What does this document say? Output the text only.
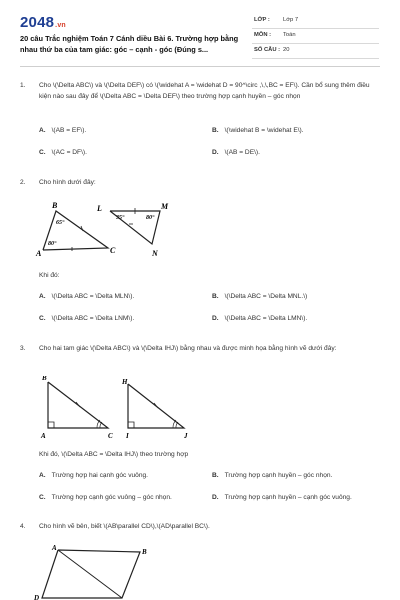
2048.vn
20 câu Trắc nghiệm Toán 7 Cánh diều Bài 6. Trường hợp bằng nhau thứ ba của tam giác: góc – cạnh - góc (Đúng s...
LỚP : Lớp 7
MÔN : Toán
SỐ CÂU : 20
1. Cho \(\Delta ABC\) và \(\Delta DEF\) có \(\widehat A = \widehat D = 90^\circ ,\,\,BC = EF\). Cần bổ sung thêm điều kiện nào sau đây để \(\Delta ABC = \Delta DEF\) theo trường hợp cạnh huyền – góc nhọn
A. \(AB = EF\).	B. \(\widehat B = \widehat E\).
C. \(AC = DF\).	D. \(AB = DE\).
2. Cho hình dưới đây:
B
A	C
65°
80°
L	M
N
35°	80°
Khi đó:
A. \(\Delta ABC = \Delta MLN\).	B. \(\Delta ABC = \Delta MNL.\)
C. \(\Delta ABC = \Delta LNM\).	D. \(\Delta ABC = \Delta LMN\).
3. Cho hai tam giác \(\Delta ABC\) và \(\Delta IHJ\) bằng nhau và được minh họa bằng hình vẽ dưới đây:
B
A	C
H
I	J
Khi đó, \(\Delta ABC = \Delta IHJ\) theo trường hợp
A. Trường hợp hai cạnh góc vuông.	B. Trường hợp cạnh huyền – góc nhọn.
C. Trường hợp cạnh góc vuông – góc nhọn.	D. Trường hợp cạnh huyền – cạnh góc vuông.
4. Cho hình vẽ bên, biết \(AB\parallel CD\),\(AD\parallel BC\).
A	B
D
